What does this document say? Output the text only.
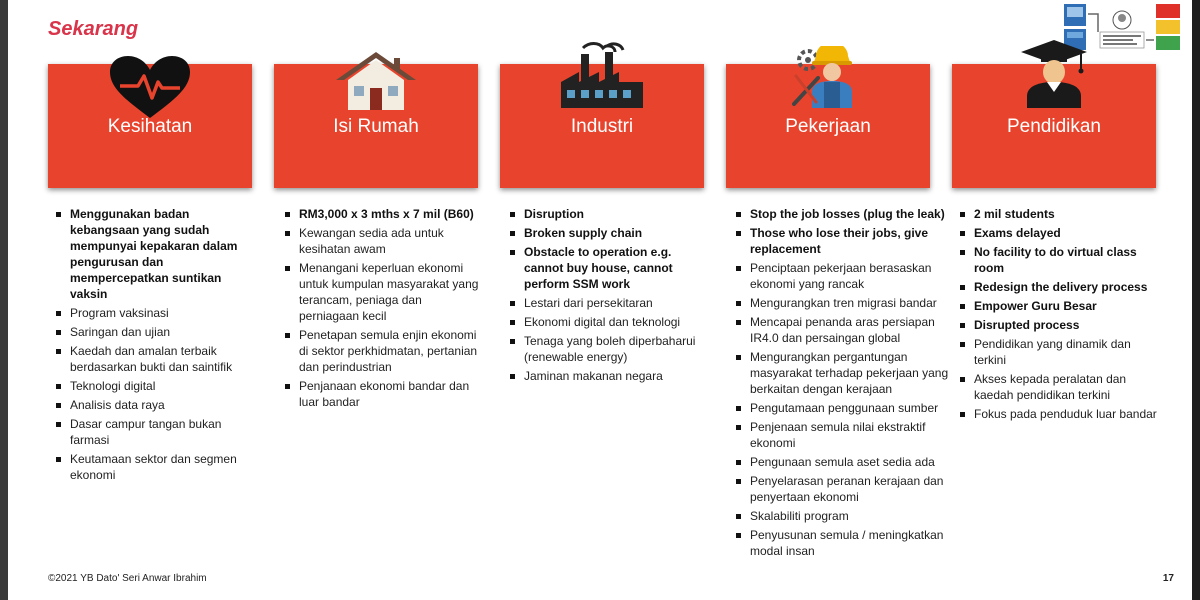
Sekarang
Kesihatan	Isi Rumah	Industri	Pekerjaan	Pendidikan
Menggunakan badan kebangsaan yang sudah mempunyai kepakaran dalam pengurusan dan mempercepatkan suntikan vaksin
Program vaksinasi
Saringan dan ujian
Kaedah dan amalan terbaik berdasarkan bukti dan saintifik
Teknologi digital
Analisis data raya
Dasar campur tangan bukan farmasi
Keutamaan sektor dan segmen ekonomi
RM3,000 x 3 mths x 7 mil (B60)
Kewangan sedia ada untuk kesihatan awam
Menangani keperluan ekonomi untuk kumpulan masyarakat yang terancam, peniaga dan perniagaan kecil
Penetapan semula enjin ekonomi di sektor perkhidmatan, pertanian dan perindustrian
Penjanaan ekonomi bandar dan luar bandar
Disruption
Broken supply chain
Obstacle to operation e.g. cannot buy house, cannot perform SSM work
Lestari dari persekitaran
Ekonomi digital dan teknologi
Tenaga yang boleh diperbaharui (renewable energy)
Jaminan makanan negara
Stop the job losses (plug the leak)
Those who lose their jobs, give replacement
Penciptaan pekerjaan berasaskan ekonomi yang rancak
Mengurangkan tren migrasi bandar
Mencapai penanda aras persiapan IR4.0 dan persaingan global
Mengurangkan pergantungan masyarakat terhadap pekerjaan yang berkaitan dengan kerajaan
Pengutamaan penggunaan sumber
Penjenaan semula nilai ekstraktif ekonomi
Pengunaan semula aset sedia ada
Penyelarasan peranan kerajaan dan penyertaan ekonomi
Skalabiliti program
Penyusunan semula / meningkatkan modal insan
2 mil students
Exams delayed
No facility to do virtual class room
Redesign the delivery process
Empower Guru Besar
Disrupted process
Pendidikan yang dinamik dan terkini
Akses kepada peralatan dan kaedah pendidikan terkini
Fokus pada penduduk luar bandar
©2021 YB Dato' Seri Anwar Ibrahim	17
